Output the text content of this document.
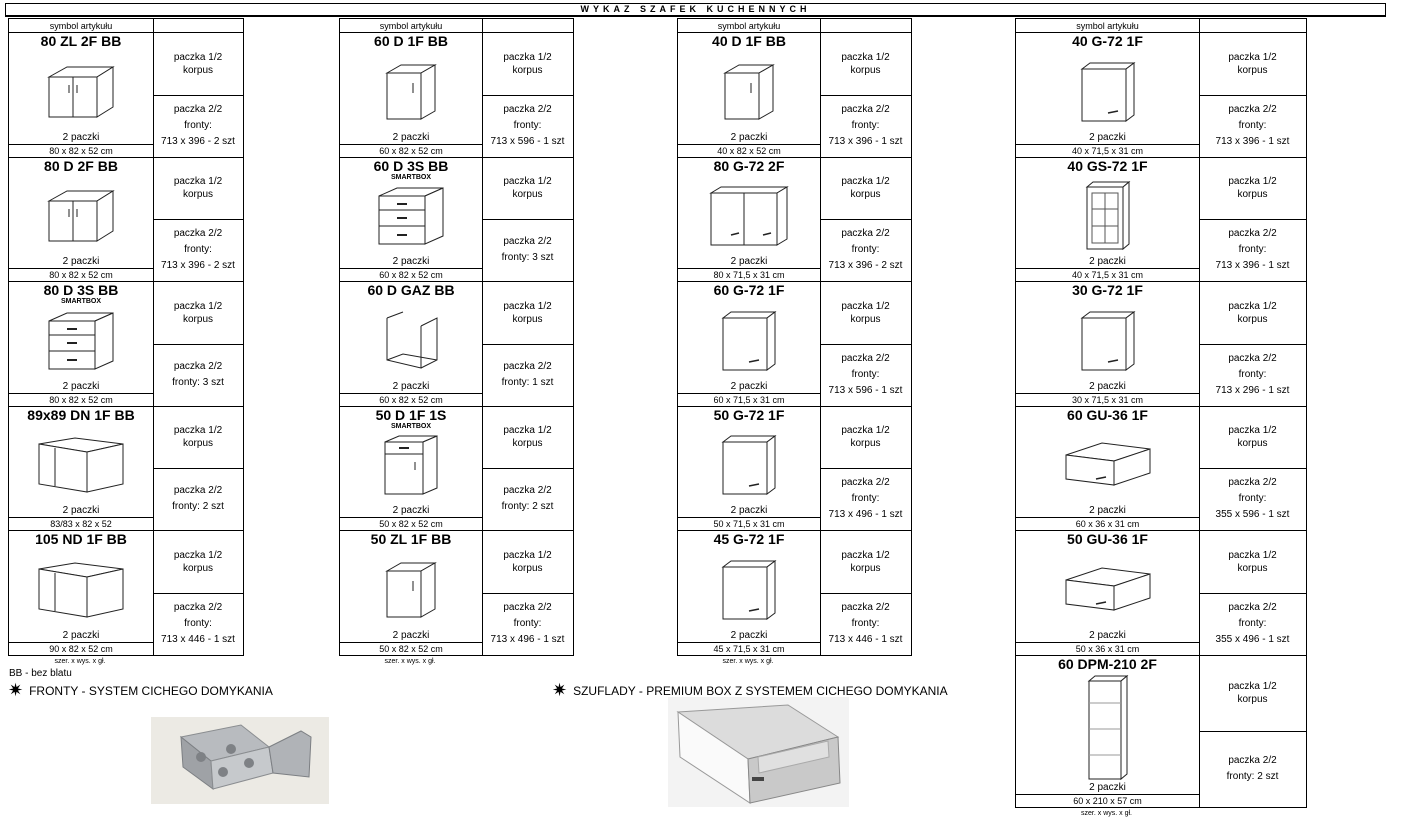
WYKAZ SZAFEK KUCHENNYCH
symbol artykułu
80 ZL 2F BB
2 paczki
80 x 82 x 52 cm
paczka 1/2
korpus
paczka 2/2
fronty:
713 x 396 - 2 szt
80 D 2F BB
2 paczki
80 x 82 x 52 cm
paczka 1/2
korpus
paczka 2/2
fronty:
713 x 396 - 2 szt
80 D 3S BB
SMARTBOX
2 paczki
80 x 82 x 52 cm
paczka 1/2
korpus
paczka 2/2
fronty: 3 szt
89x89 DN 1F BB
2 paczki
83/83 x 82 x 52
paczka 1/2
korpus
paczka 2/2
fronty: 2 szt
105 ND 1F BB
2 paczki
90 x 82 x 52 cm
paczka 1/2
korpus
paczka 2/2
fronty:
713 x 446 - 1 szt
szer. x wys. x gł.
symbol artykułu
60 D 1F BB
2 paczki
60 x 82 x 52 cm
paczka 1/2
korpus
paczka 2/2
fronty:
713 x 596 - 1 szt
60 D 3S BB
SMARTBOX
2 paczki
60 x 82 x 52 cm
paczka 1/2
korpus
paczka 2/2
fronty: 3 szt
60 D GAZ BB
2 paczki
60 x 82 x 52 cm
paczka 1/2
korpus
paczka 2/2
fronty: 1 szt
50 D 1F 1S
SMARTBOX
2 paczki
50 x 82 x 52 cm
paczka 1/2
korpus
paczka 2/2
fronty: 2 szt
50 ZL 1F BB
2 paczki
50 x 82 x 52 cm
paczka 1/2
korpus
paczka 2/2
fronty:
713 x 496 - 1 szt
szer. x wys. x gł.
symbol artykułu
40 D 1F BB
2 paczki
40 x 82 x 52 cm
paczka 1/2
korpus
paczka 2/2
fronty:
713 x 396 - 1 szt
80 G-72 2F
2 paczki
80 x 71,5 x 31 cm
paczka 1/2
korpus
paczka 2/2
fronty:
713 x 396 - 2 szt
60 G-72 1F
2 paczki
60 x 71,5 x 31 cm
paczka 1/2
korpus
paczka 2/2
fronty:
713 x 596 - 1 szt
50 G-72 1F
2 paczki
50 x 71,5 x 31 cm
paczka 1/2
korpus
paczka 2/2
fronty:
713 x 496 - 1 szt
45 G-72 1F
2 paczki
45 x 71,5 x 31 cm
paczka 1/2
korpus
paczka 2/2
fronty:
713 x 446 - 1 szt
szer. x wys. x gł.
symbol artykułu
40 G-72 1F
2 paczki
40 x 71,5 x 31 cm
paczka 1/2
korpus
paczka 2/2
fronty:
713 x 396 - 1 szt
40 GS-72 1F
2 paczki
40 x 71,5 x 31 cm
paczka 1/2
korpus
paczka 2/2
fronty:
713 x 396 - 1 szt
30 G-72 1F
2 paczki
30 x 71,5 x 31 cm
paczka 1/2
korpus
paczka 2/2
fronty:
713 x 296 - 1 szt
60 GU-36 1F
2 paczki
60 x 36 x 31 cm
paczka 1/2
korpus
paczka 2/2
fronty:
355 x 596 - 1 szt
50 GU-36 1F
2 paczki
50 x 36 x 31 cm
paczka 1/2
korpus
paczka 2/2
fronty:
355 x 496 - 1 szt
60 DPM-210 2F
2 paczki
60 x 210 x 57 cm
paczka 1/2
korpus
paczka 2/2
fronty: 2 szt
szer. x wys. x gł.
BB - bez blatu
✷ FRONTY - SYSTEM CICHEGO DOMYKANIA	✷ SZUFLADY - PREMIUM BOX Z SYSTEMEM CICHEGO DOMYKANIA
